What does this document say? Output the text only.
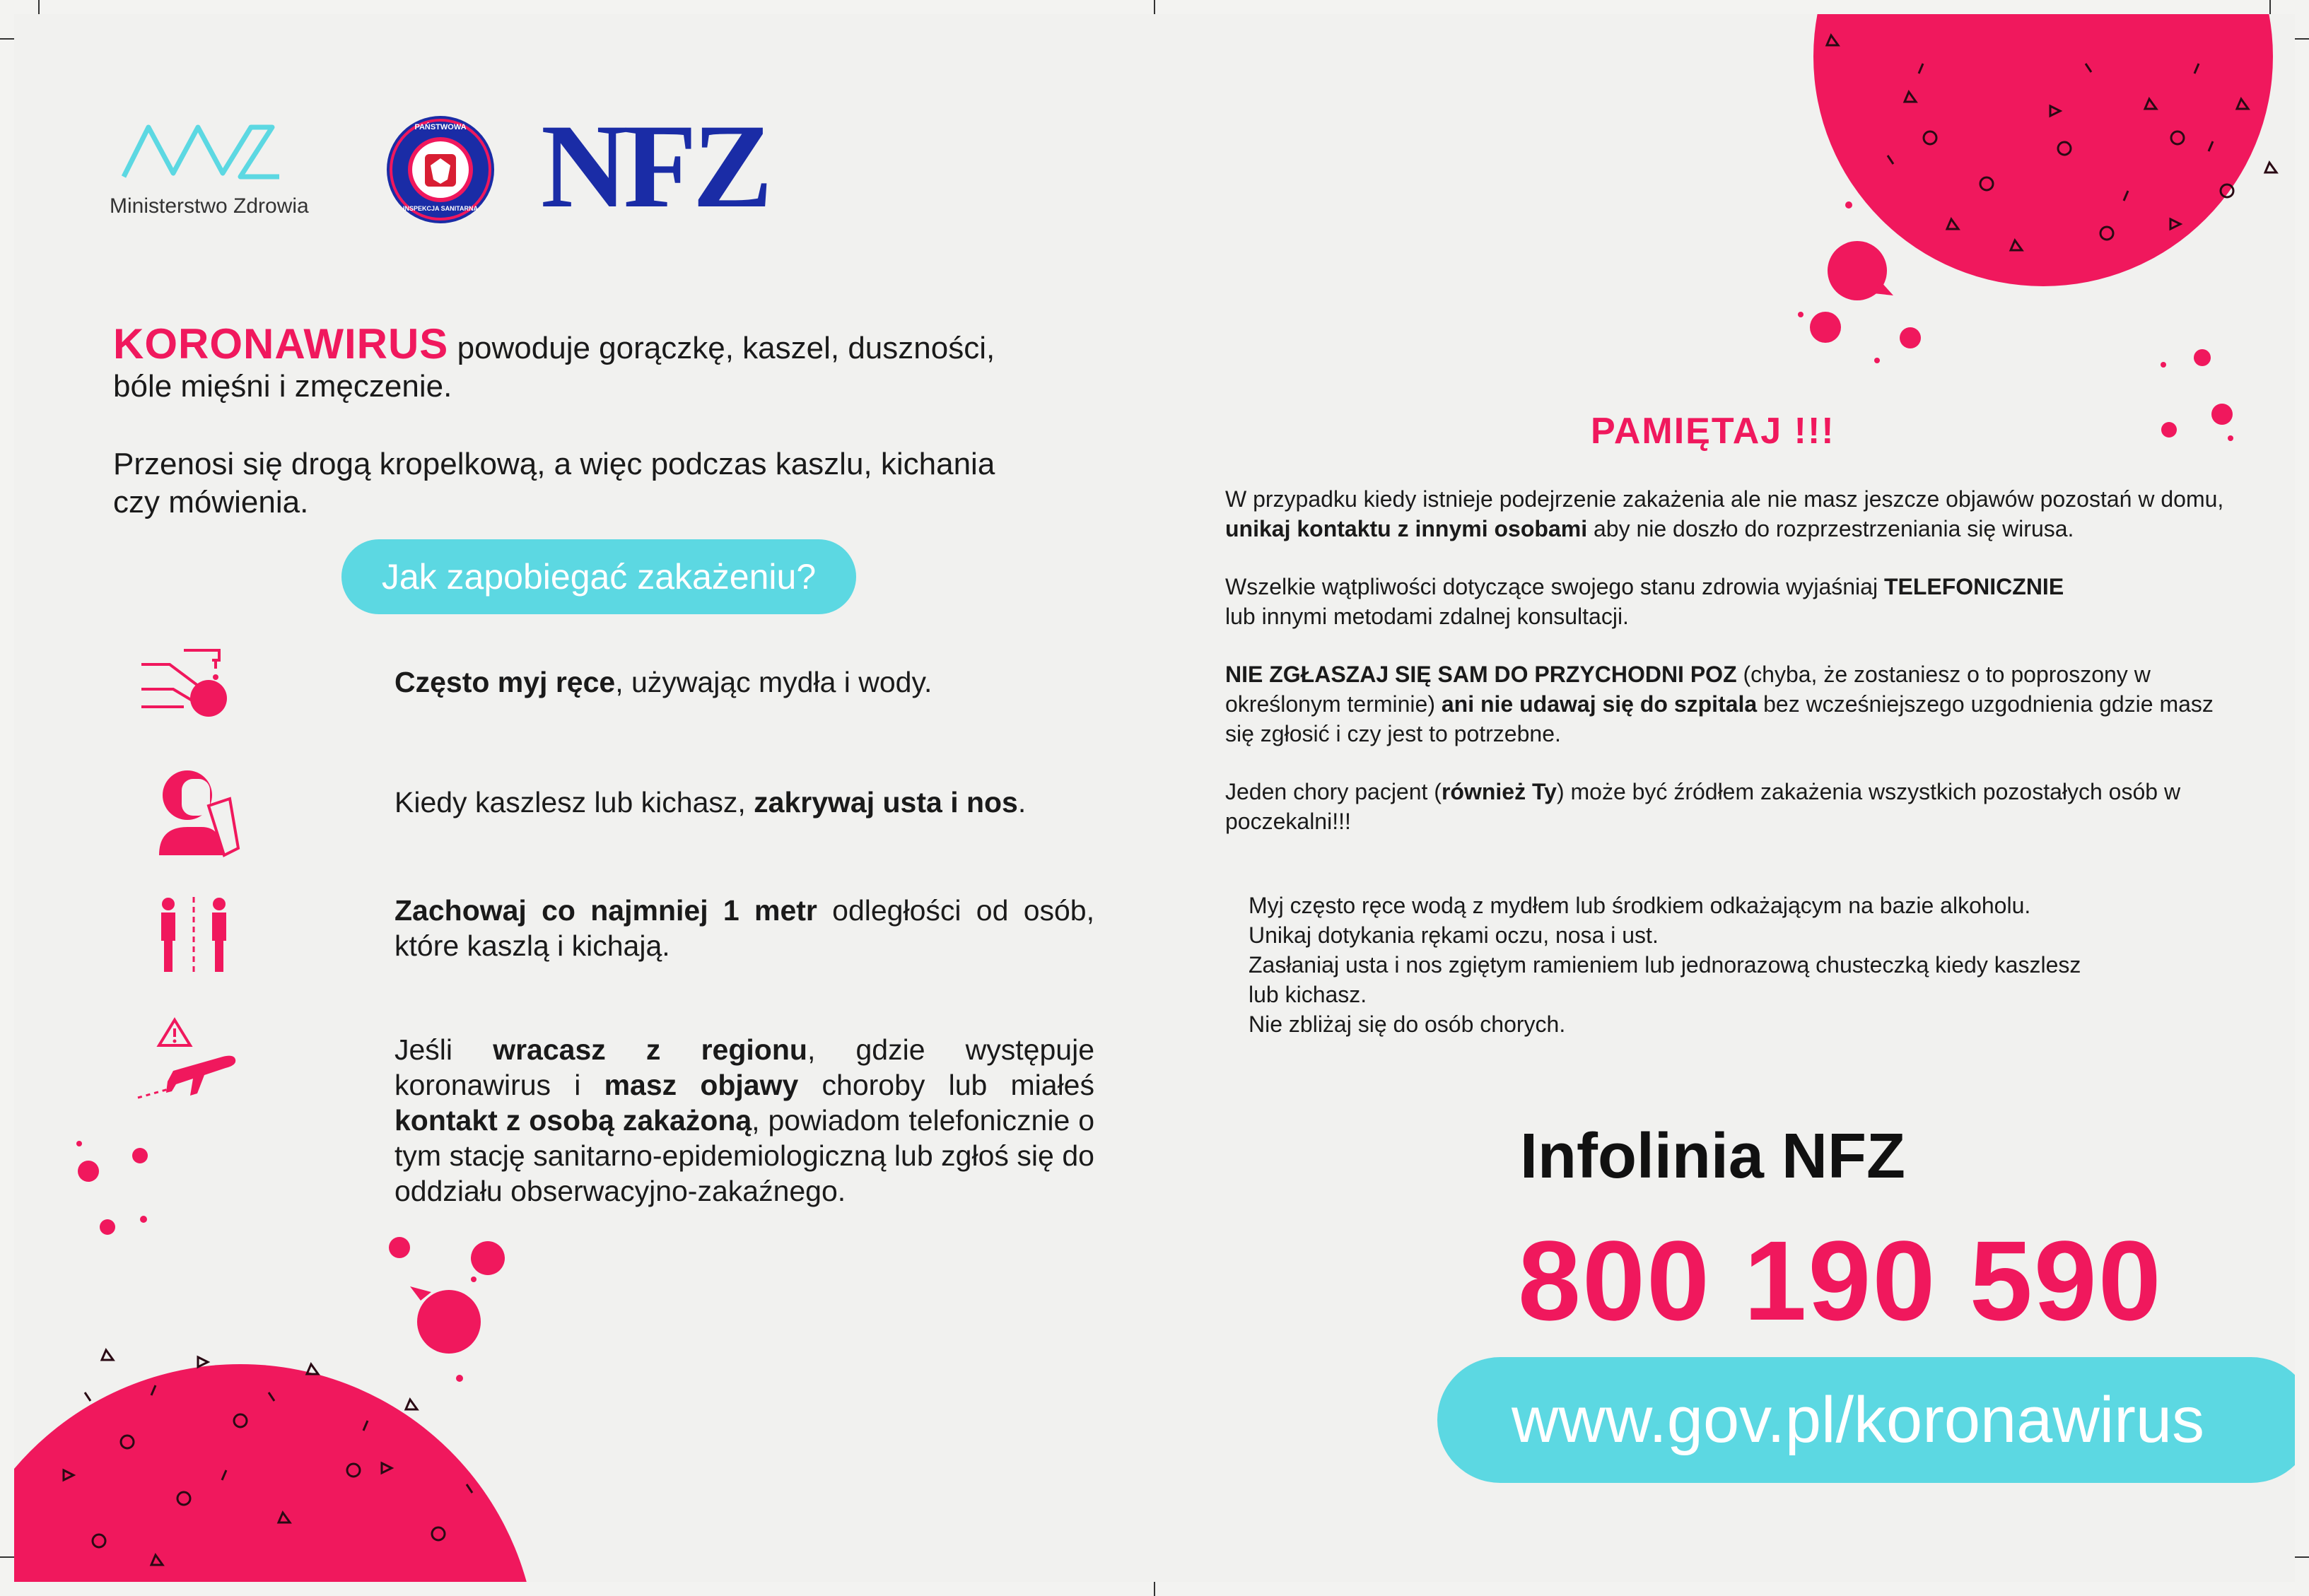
Ministerstwo Zdrowia
PAŃSTWOWA
INSPEKCJA SANITARNA NFZ
KORONAWIRUS powoduje gorączkę, kaszel, duszności,
bóle mięśni i zmęczenie.
Przenosi się drogą kropelkową, a więc podczas kaszlu, kichania
czy mówienia.
Jak zapobiegać zakażeniu?
Często myj ręce, używając mydła i wody.
Kiedy kaszlesz lub kichasz, zakrywaj usta i nos.
Zachowaj co najmniej 1 metr odległości od osób, które kaszlą i kichają.
Jeśli wracasz z regionu, gdzie występuje koronawirus i masz objawy choroby lub miałeś kontakt z osobą zakażoną, powiadom telefonicznie o tym stację sanitarno-epidemiologiczną lub zgłoś się do oddziału obserwacyjno-zakaźnego.
PAMIĘTAJ !!!

W przypadku kiedy istnieje podejrzenie zakażenia ale nie masz jeszcze objawów pozostań w domu, unikaj kontaktu z innymi osobami aby nie doszło do rozprzestrzeniania się wirusa.

Wszelkie wątpliwości dotyczące swojego stanu zdrowia wyjaśniaj TELEFONICZNIE
lub innymi metodami zdalnej konsultacji.

NIE ZGŁASZAJ SIĘ SAM DO PRZYCHODNI POZ (chyba, że zostaniesz o to poproszony w określonym terminie) ani nie udawaj się do szpitala bez wcześniejszego uzgodnienia gdzie masz się zgłosić i czy jest to potrzebne.

Jeden chory pacjent (również Ty) może być źródłem zakażenia wszystkich pozostałych osób w poczekalni!!!

Myj często ręce wodą z mydłem lub środkiem odkażającym na bazie alkoholu.
Unikaj dotykania rękami oczu, nosa i ust.
Zasłaniaj usta i nos zgiętym ramieniem lub jednorazową chusteczką kiedy kaszlesz
lub kichasz.
Nie zbliżaj się do osób chorych.
Infolinia NFZ
800 190 590
www.gov.pl/koronawirus
